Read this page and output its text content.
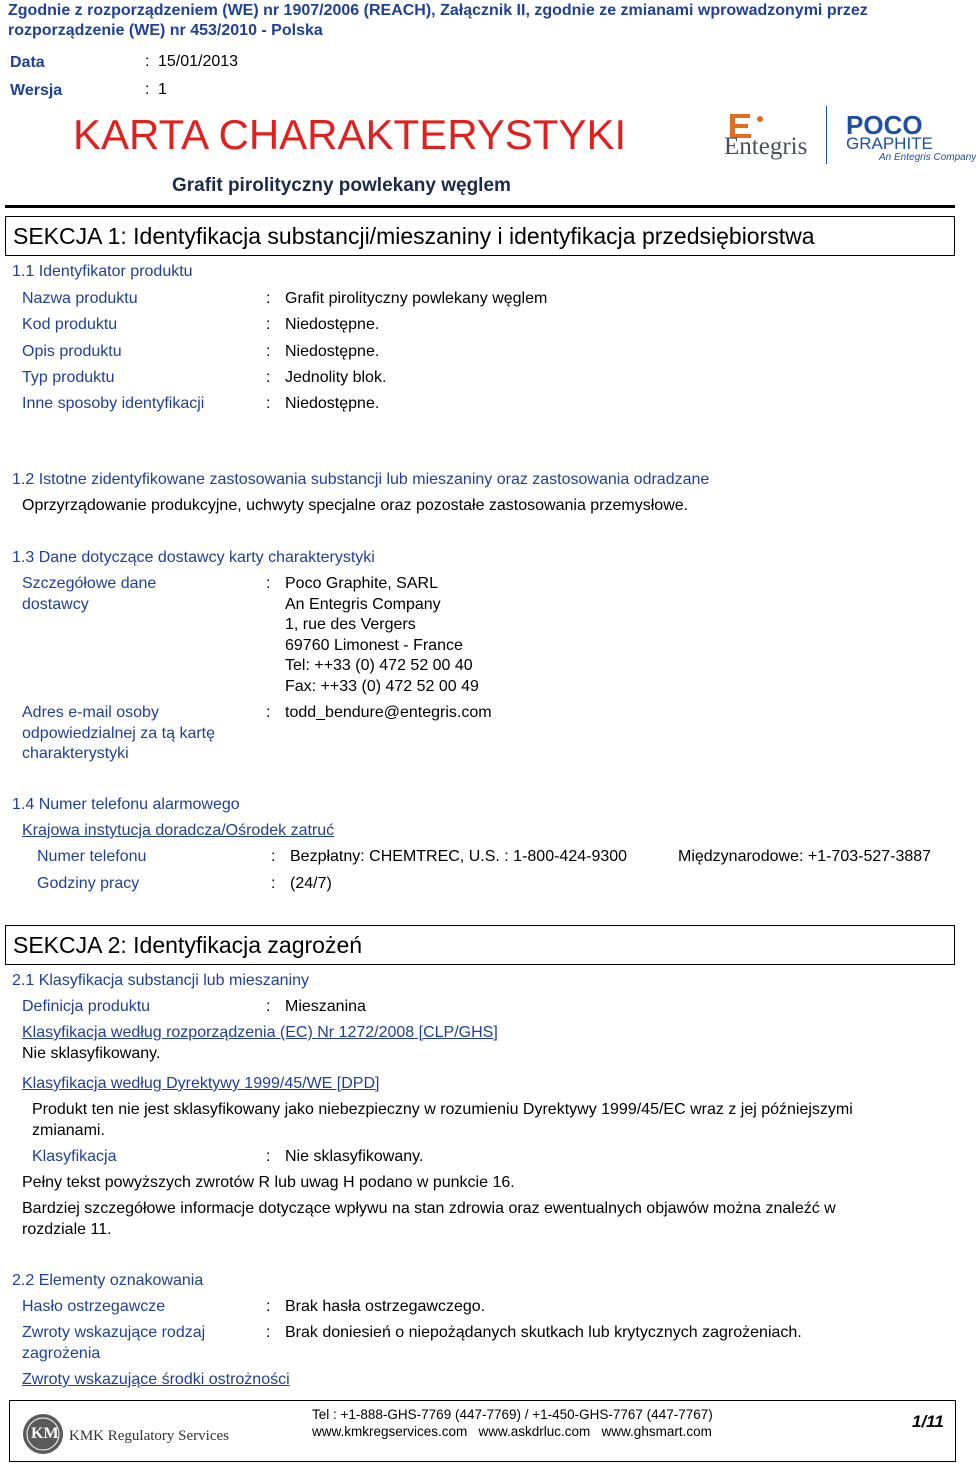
Zgodnie z rozporządzeniem (WE) nr 1907/2006 (REACH), Załącznik II, zgodnie ze zmianami wprowadzonymi przez
rozporządzenie (WE) nr 453/2010 - Polska
Data	: 15/01/2013
Wersja	: 1
KARTA CHARAKTERYSTYKI
Grafit pirolityczny powlekany węglem
Entegris
POCO
GRAPHITE
An Entegris Company
SEKCJA 1: Identyfikacja substancji/mieszaniny i identyfikacja przedsiębiorstwa
1.1 Identyfikator produktu
Nazwa produktu	: Grafit pirolityczny powlekany węglem
Kod produktu	: Niedostępne.
Opis produktu	: Niedostępne.
Typ produktu	: Jednolity blok.
Inne sposoby identyfikacji	: Niedostępne.
1.2 Istotne zidentyfikowane zastosowania substancji lub mieszaniny oraz zastosowania odradzane
Oprzyrządowanie produkcyjne, uchwyty specjalne oraz pozostałe zastosowania przemysłowe.
1.3 Dane dotyczące dostawcy karty charakterystyki
Szczegółowe dane
dostawcy
: Poco Graphite, SARL
An Entegris Company
1, rue des Vergers
69760 Limonest - France
Tel: ++33 (0) 472 52 00 40
Fax: ++33 (0) 472 52 00 49
Adres e-mail osoby
odpowiedzialnej za tą kartę
charakterystyki
: todd_bendure@entegris.com
1.4 Numer telefonu alarmowego
Krajowa instytucja doradcza/Ośrodek zatruć
Numer telefonu	: Bezpłatny: CHEMTREC, U.S. : 1-800-424-9300	Międzynarodowe: +1-703-527-3887
Godziny pracy	: (24/7)
SEKCJA 2: Identyfikacja zagrożeń
2.1 Klasyfikacja substancji lub mieszaniny
Definicja produktu	: Mieszanina
Klasyfikacja według rozporządzenia (EC) Nr 1272/2008 [CLP/GHS]
Nie sklasyfikowany.
Klasyfikacja według Dyrektywy 1999/45/WE [DPD]
Produkt ten nie jest sklasyfikowany jako niebezpieczny w rozumieniu Dyrektywy 1999/45/EC wraz z jej późniejszymi
zmianami.
Klasyfikacja	: Nie sklasyfikowany.
Pełny tekst powyższych zwrotów R lub uwag H podano w punkcie 16.
Bardziej szczegółowe informacje dotyczące wpływu na stan zdrowia oraz ewentualnych objawów można znaleźć w
rozdziale 11.
2.2 Elementy oznakowania
Hasło ostrzegawcze	: Brak hasła ostrzegawczego.
Zwroty wskazujące rodzaj
zagrożenia
: Brak doniesień o niepożądanych skutkach lub krytycznych zagrożeniach.
Zwroty wskazujące środki ostrożności
KM KMK Regulatory Services
Tel : +1-888-GHS-7769 (447-7769) / +1-450-GHS-7767 (447-7767)
www.kmkregservices.com   www.askdrluc.com   www.ghsmart.com
1/11
